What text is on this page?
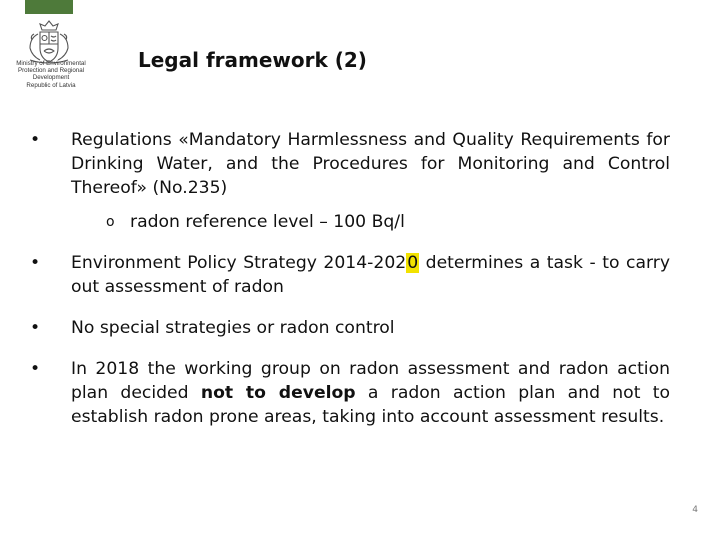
Ministry of Environmental
Protection and Regional
Development
Republic of Latvia
Legal framework (2)
•	Regulations «Mandatory Harmlessness and Quality Requirements for Drinking Water, and the Procedures for Monitoring and Control Thereof» (No.235)

o radon reference level – 100 Bq/l
•	Environment Policy Strategy 2014-2020 determines a task - to carry out assessment of radon

•	No special strategies or radon control

•	In 2018 the working group on radon assessment and radon action plan decided not to develop a radon action plan and not to establish radon prone areas, taking into account assessment results.

4
